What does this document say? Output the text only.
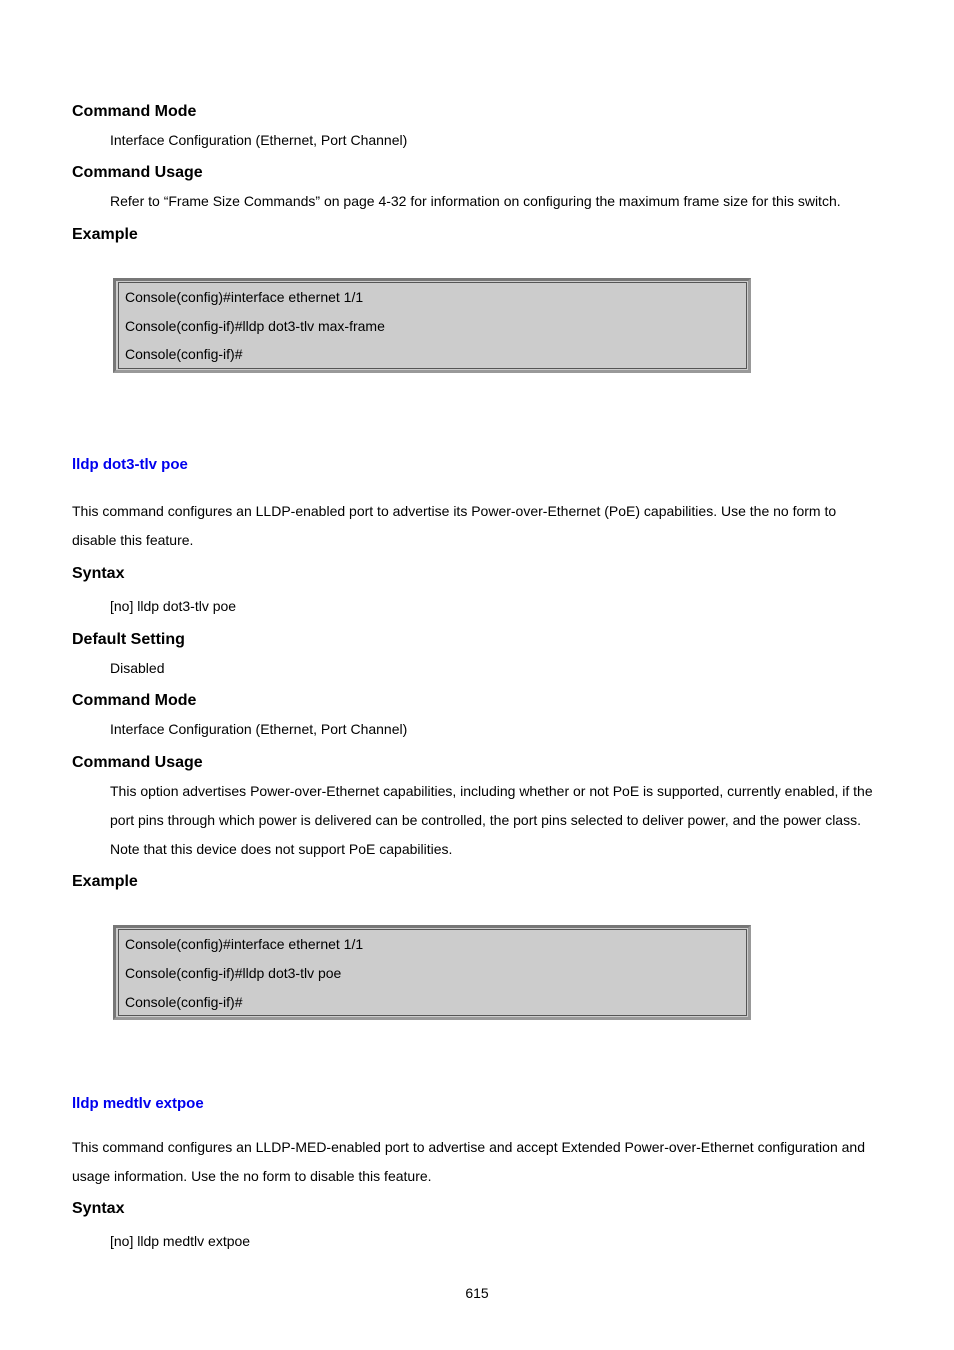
Command Mode
Interface Configuration (Ethernet, Port Channel)
Command Usage
Refer to “Frame Size Commands” on page 4-32 for information on configuring the maximum frame size for this switch.
Example
Console(config)#interface ethernet 1/1
Console(config-if)#lldp dot3-tlv max-frame
Console(config-if)#
lldp dot3-tlv poe
This command configures an LLDP-enabled port to advertise its Power-over-Ethernet (PoE) capabilities. Use the no form to disable this feature.
Syntax
[no] lldp dot3-tlv poe
Default Setting
Disabled
Command Mode
Interface Configuration (Ethernet, Port Channel)
Command Usage
This option advertises Power-over-Ethernet capabilities, including whether or not PoE is supported, currently enabled, if the port pins through which power is delivered can be controlled, the port pins selected to deliver power, and the power class. Note that this device does not support PoE capabilities.
Example
Console(config)#interface ethernet 1/1
Console(config-if)#lldp dot3-tlv poe
Console(config-if)#
lldp medtlv extpoe
This command configures an LLDP-MED-enabled port to advertise and accept Extended Power-over-Ethernet configuration and usage information. Use the no form to disable this feature.
Syntax
[no] lldp medtlv extpoe
615
